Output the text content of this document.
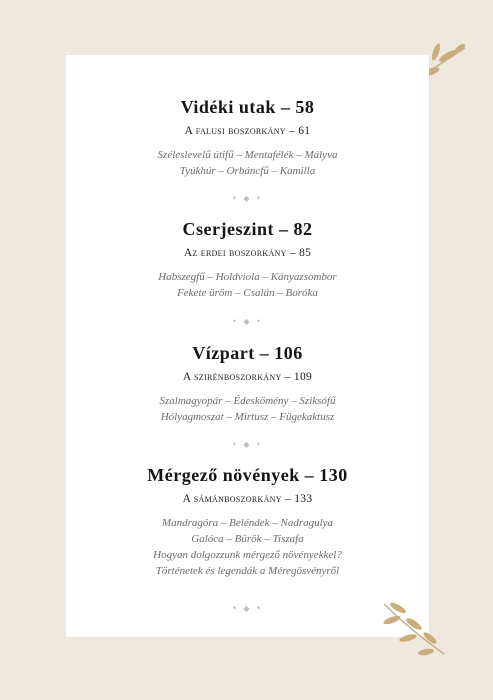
Vidéki utak – 58
A falusi boszorkány – 61
Széleslevelű útifű – Mentafélék – Mályva
Tyúkhúr – Orbáncfű – Kamilla
• ◆ •
Cserjeszint – 82
Az erdei boszorkány – 85
Habszegfű – Holdviola – Kányazsombor
Fekete üröm – Csalán – Boróka
• ◆ •
Vízpart – 106
A szirénboszorkány – 109
Szalmagyopár – Édesköménу – Sziksófű
Hólyagmoszat – Mirtusz – Fügekaktusz
• ◆ •
Mérgező növények – 130
A sámánboszorkány – 133
Mandragóra – Beléndek – Nadragulya
Galóca – Bürök – Tiszafa
Hogyan dolgozzunk mérgező növényekkel?
Történetek és legendák a Méregösvényről
• ◆ •
